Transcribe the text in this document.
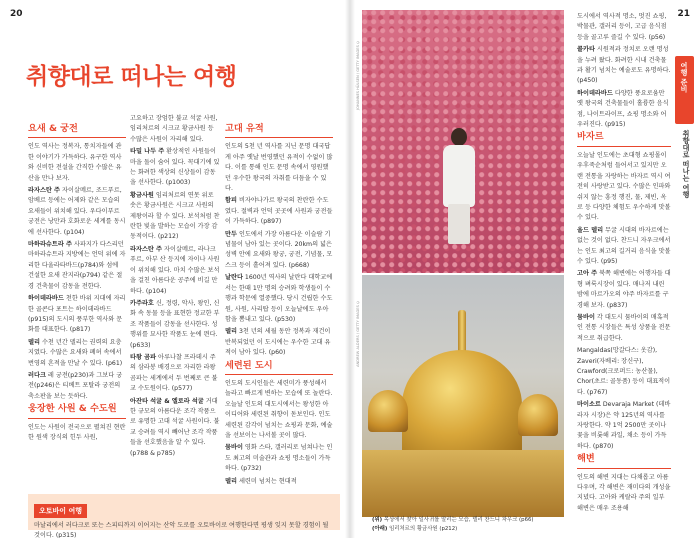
20	21
취향대로 떠나는 여행
요새 & 궁전

인도 역사는 정복자, 통치자들에 관한 이야기가 가득하다. 유구한 역사와 신비한 전설을 간직한 수많은 유산을 만나 보자.

라자스탄 주 자이살메르, 조드푸르, 암베르 등에는 어제와 같은 모습의 요새들이 위치해 있다. 우다이푸르 궁전은 낭만과 호화로운 세계를 동시에 선사한다. (p104)

마하라슈트라 주 사파지가 다스리던 마하라슈트라 지방에는 언덕 위에 자리한 다울라타바드(p784)와 섬에 건설한 요새 잔지라(p794) 같은 절경 건축물이 감동을 전한다.

하이데라바드 천한 바위 지대에 자리한 골콘다 포트는 하이데라바드(p915)의 도시의 풍부한 역사와 문화를 대표한다. (p817)

델리 수천 년간 델리는 권력의 요충지였다. 수많은 요새와 폐허 속에서 번영의 흔적을 만날 수 있다. (p61)

러다크 레 궁전(p230)과 그보다 궁전(p246)은 티베트 포탈라 궁전의 축소판을 보는 듯하다.

웅장한 사원 & 수도원

인도는 사원이 전국으로 펼쳐진 현란한 원색 장식의 힌두 사원,

고요하고 장엄한 불교 석굴 사원, 임리처르의 시크교 황금사원 등 수많은 사원이 자리해 있다.

타밀 나두 주 환상적인 사원들이 마을 돌이 숨어 있다. 꼭대기에 있는 화려한 색상의 신상들이 감동을 선사한다. (p1003)

황금사원 임리처르의 연못 위로 솟은 황금사원은 시크교 사원의 제왕이라 할 수 있다. 보석처럼 찬란한 빛을 발하는 모습이 가장 감동적이다. (p212)

라자스탄 주 자이살메르, 라나크푸르, 아부 산 등지에 자이나 사원이 위치해 있다. 마치 수많은 보석을 걸친 아름다운 공주에 비길 만하다. (p104)

카주라호 신, 정령, 악사, 왕인, 신화 속 동물 등을 표현한 정교한 부조 작품들이 감동을 선사한다. 성행위를 묘사한 작품도 눈에 띈다. (p633)

타왕 곰파 아루나찰 프라데시 주의 삼라봉 배경으로 자리한 라왕 곰파는 세계에서 두 번째로 큰 불교 수도원이다. (p577)

아잔타 석굴 & 엘로라 석굴 거대한 규모의 아름다운 조각 작품으로 유명한 고대 석굴 사원이다. 불교 승려들 역시 빼어난 조각 작품들을 선호했음을 알 수 있다. (p788 & p785)

고대 유적

인도의 5천 년 역사를 지닌 문명 대국답게 아주 옛날 번영했던 유적이 수없이 많다. 이를 통해 인도 문명 속에서 영원했던 우수한 왕국의 자취를 더듬을 수 있다.

함피 비자야나가르 왕국의 찬란한 수도였다. 절벽과 언덕 곳곳에 사원과 궁전들이 가득하다. (p897)

만두 인도에서 가장 아름다운 이슬람 기념물이 남아 있는 곳이다. 20km의 넓은 성벽 안에 요새와 왕궁, 궁전, 기념물, 모스크 등이 흩어져 있다. (p668)

날란다 1600년 역사의 날란다 대학교에서는 한때 1만 명의 승려와 학생들이 수행과 학문에 열중했다. 당시 건립한 수도원, 사원, 사리탑 등이 오늘날에도 우아함을 뽐내고 있다. (p530)

델리 3천 년의 세월 동안 정복과 재건이 반복되었던 이 도시에는 우수한 고대 유적이 남아 있다. (p60)

세련된 도시

인도의 도시인들은 세련미가 풍성해서 놀라고 빠르게 변하는 모습에 또 놀란다. 오늘날 인도의 대도시에서는 왕성한 아이디어와 세련된 취향이 돋보인다. 인도 세련된 감각이 넘치는 쇼핑과 문화, 예술을 선보이는 나서볼 곳이 많다.

뭄바이 영화 스타, 갤러리로 넘쳐나는 인도 최고의 미술관과 쇼핑 명소들이 가득하다. (p732)

델리 세련미 넘치는 현대적

오토바이 여행
마날리에서 러다크로 또는 스피티까지 이어지는 산악 도로를 오토바이로 여행한다면 평생 잊지 못할 경험이 될 것이다. (p315)
JOHANNES HÜLSEN / GETTY IMAGES ©
ANDREW ALDERS / GETTY IMAGES ©
(위) 목상에서 찾아 일사귀를 말리는 모습, 델리 찬드니 차우크 (p66)
(아래) 임리처르의 황금사원 (p212)

도시에서 역사적 명소, 멋진 쇼핑, 박물관, 갤러리 등이, 고급 음식점 등을 골고루 즐길 수 있다. (p56)

콜카타 시원적과 정치로 오랜 명성을 누려 왔다. 화려한 시내 건축물과 활기 넘치는 예술로도 유명하다. (p450)

하이데라바드 다양한 풍요로움만 옛 왕국의 건축물들이 홀륭한 음식점, 나이트라이프, 쇼핑 명소와 어우러진다. (p915)

바자르

오늘날 인도에는 초대형 쇼핑몰이 우후죽순처럼 들어서고 있지만 오랜 전통을 자랑하는 바자르 역시 여전히 사랑받고 있다. 수많은 인파와 쉬지 않는 흥정 행진, 물, 제빈, 옥로 등 다양한 체험도 우수하게 맛볼 수 있다.

올드 델리 무굴 시대의 바자르에는 없는 것이 없다. 찬드니 자우크에서는 인도 최고의 길거리 음식을 맛볼 수 있다. (p95)

고아 주 북쪽 해변에는 어행자들 대형 벼룩시장이 있다. 매나저 내린 밤에 마르가오의 야주 바자르를 구경해 보자. (p837)

뭄바이 각 대도시 뭄바이의 매혹적인 전통 시장들은 특성 상품을 전문적으로 취급한다.

Mangaldas(망갈다스: 옷감), Zaveri(자베리: 장신구), Crawford(크로퍼드: 농산물), Chor(초르: 골동품) 등이 대표적이다. (p767)

마이소르 Devaraja Market (데바라자 시장)은 약 125년의 역사를 자랑한다. 약 1억 2500만 곳이나 꽃을 비롯해 과일, 채소 등이 가득하다. (p870)

해변

인도의 해변 지대는 다채롭고 아름다우며, 각 해변은 재미다의 개성을 지녔다. 고아와 케랄라 주의 일부 해변은 매우 조용해

여행 준비
취향대로 떠나는 여행
